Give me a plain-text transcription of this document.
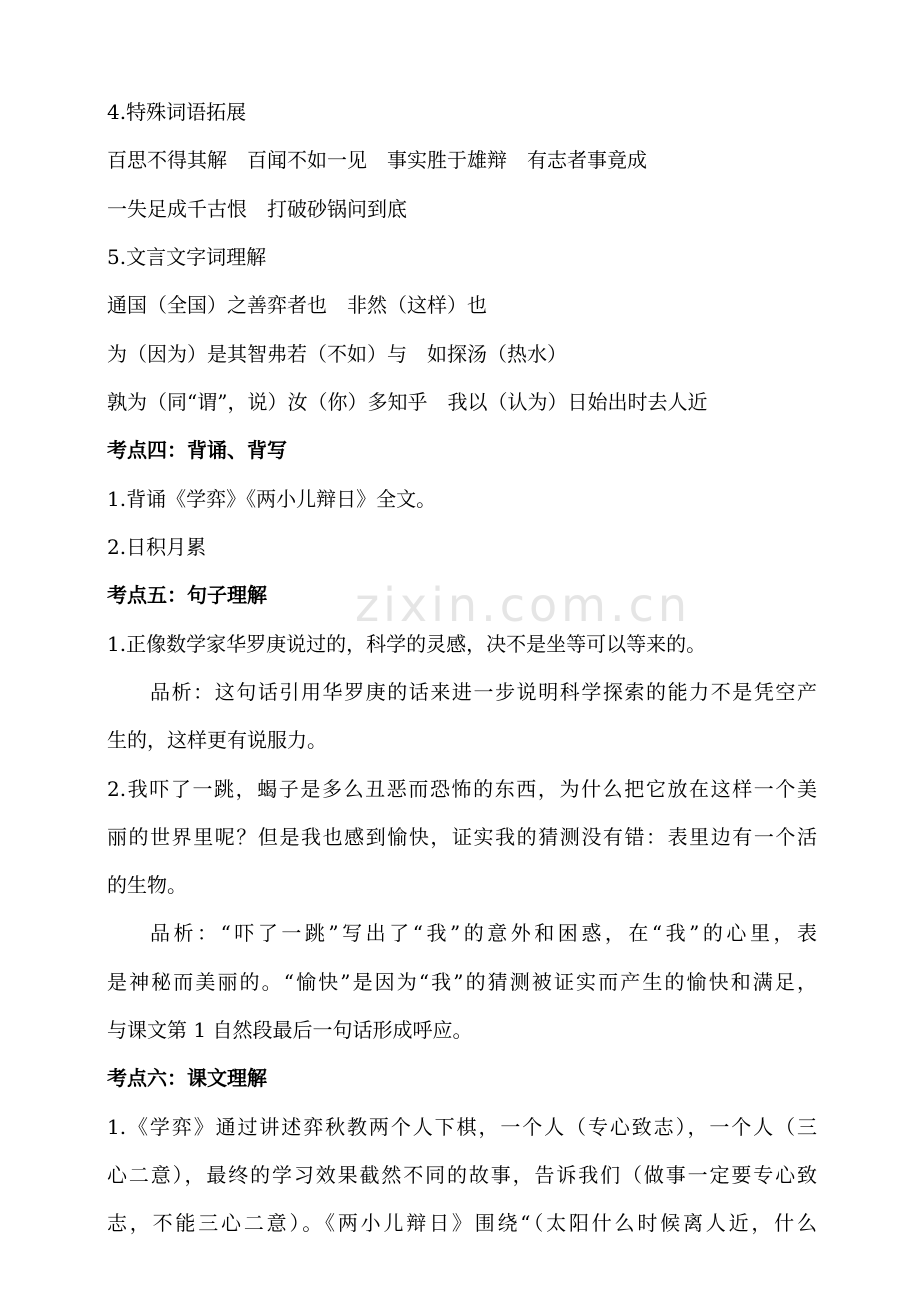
zixin.com.cn
4.特殊词语拓展
百思不得其解　百闻不如一见　事实胜于雄辩　有志者事竟成
一失足成千古恨　打破砂锅问到底
5.文言文字词理解
通国（全国）之善弈者也　非然（这样）也
为（因为）是其智弗若（不如）与　如探汤（热水）
孰为（同“谓”，说）汝（你）多知乎　我以（认为）日始出时去人近
考点四：背诵、背写
1.背诵《学弈》《两小儿辩日》全文。
2.日积月累
考点五：句子理解
1.正像数学家华罗庚说过的，科学的灵感，决不是坐等可以等来的。
品析：这句话引用华罗庚的话来进一步说明科学探索的能力不是凭空产
生的，这样更有说服力。
2.我吓了一跳，蝎子是多么丑恶而恐怖的东西，为什么把它放在这样一个美
丽的世界里呢？但是我也感到愉快，证实我的猜测没有错：表里边有一个活
的生物。
品析：“吓了一跳”写出了“我”的意外和困惑，在“我”的心里，表
是神秘而美丽的。“愉快”是因为“我”的猜测被证实而产生的愉快和满足，
与课文第 1 自然段最后一句话形成呼应。
考点六：课文理解
1.《学弈》通过讲述弈秋教两个人下棋，一个人（专心致志），一个人（三
心二意），最终的学习效果截然不同的故事，告诉我们（做事一定要专心致
志，不能三心二意）。《两小儿辩日》围绕“（太阳什么时候离人近，什么
